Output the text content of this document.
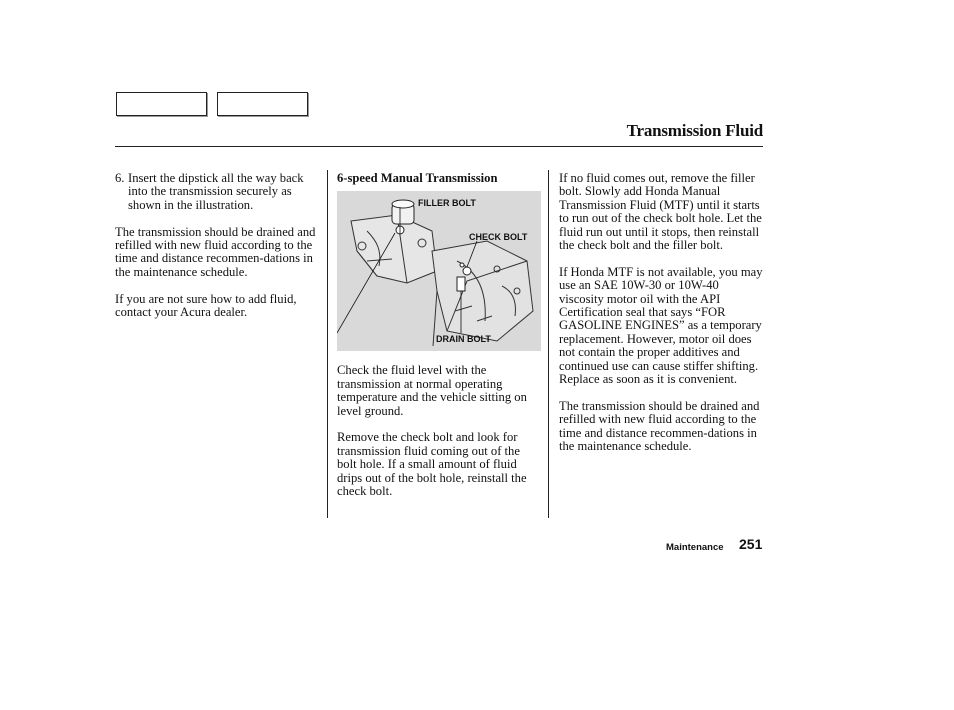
Transmission Fluid

6. Insert the dipstick all the way back into the transmission securely as shown in the illustration.

The transmission should be drained and refilled with new fluid according to the time and distance recommen-dations in the maintenance schedule.

If you are not sure how to add fluid, contact your Acura dealer.

6-speed Manual Transmission
FILLER BOLT
CHECK BOLT
DRAIN BOLT

Check the fluid level with the transmission at normal operating temperature and the vehicle sitting on level ground.

Remove the check bolt and look for transmission fluid coming out of the bolt hole. If a small amount of fluid drips out of the bolt hole, reinstall the check bolt.

If no fluid comes out, remove the filler bolt. Slowly add Honda Manual Transmission Fluid (MTF) until it starts to run out of the check bolt hole. Let the fluid run out until it stops, then reinstall the check bolt and the filler bolt.

If Honda MTF is not available, you may use an SAE 10W-30 or 10W-40 viscosity motor oil with the API Certification seal that says “FOR GASOLINE ENGINES” as a temporary replacement. However, motor oil does not contain the proper additives and continued use can cause stiffer shifting. Replace as soon as it is convenient.

The transmission should be drained and refilled with new fluid according to the time and distance recommen-dations in the maintenance schedule.

Maintenance 251
